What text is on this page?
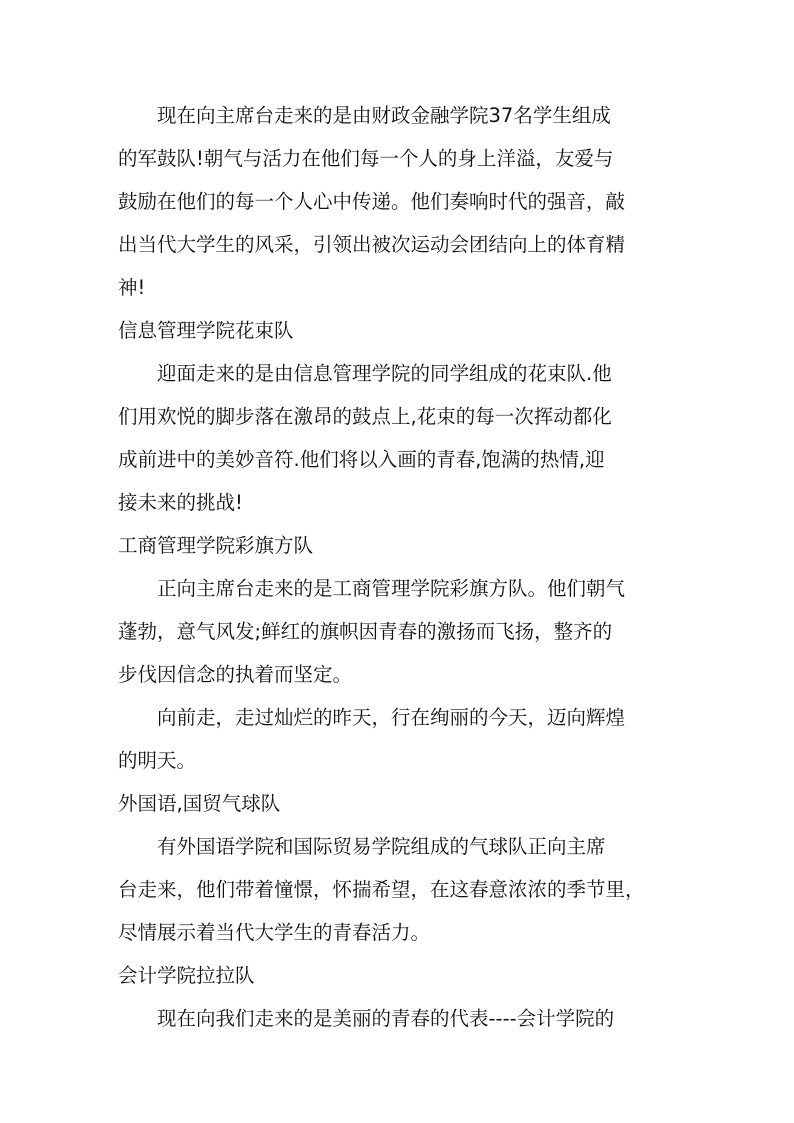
现在向主席台走来的是由财政金融学院37名学生组成
的军鼓队!朝气与活力在他们每一个人的身上洋溢，友爱与
鼓励在他们的每一个人心中传递。他们奏响时代的强音，敲
出当代大学生的风采，引领出被次运动会团结向上的体育精
神!

信息管理学院花束队

迎面走来的是由信息管理学院的同学组成的花束队.他
们用欢悦的脚步落在激昂的鼓点上,花束的每一次挥动都化
成前进中的美妙音符.他们将以入画的青春,饱满的热情,迎
接未来的挑战!

工商管理学院彩旗方队

正向主席台走来的是工商管理学院彩旗方队。他们朝气
蓬勃，意气风发;鲜红的旗帜因青春的激扬而飞扬，整齐的
步伐因信念的执着而坚定。

向前走，走过灿烂的昨天，行在绚丽的今天，迈向辉煌
的明天。

外国语,国贸气球队

有外国语学院和国际贸易学院组成的气球队正向主席
台走来，他们带着憧憬，怀揣希望，在这春意浓浓的季节里，
尽情展示着当代大学生的青春活力。

会计学院拉拉队

现在向我们走来的是美丽的青春的代表----会计学院的
